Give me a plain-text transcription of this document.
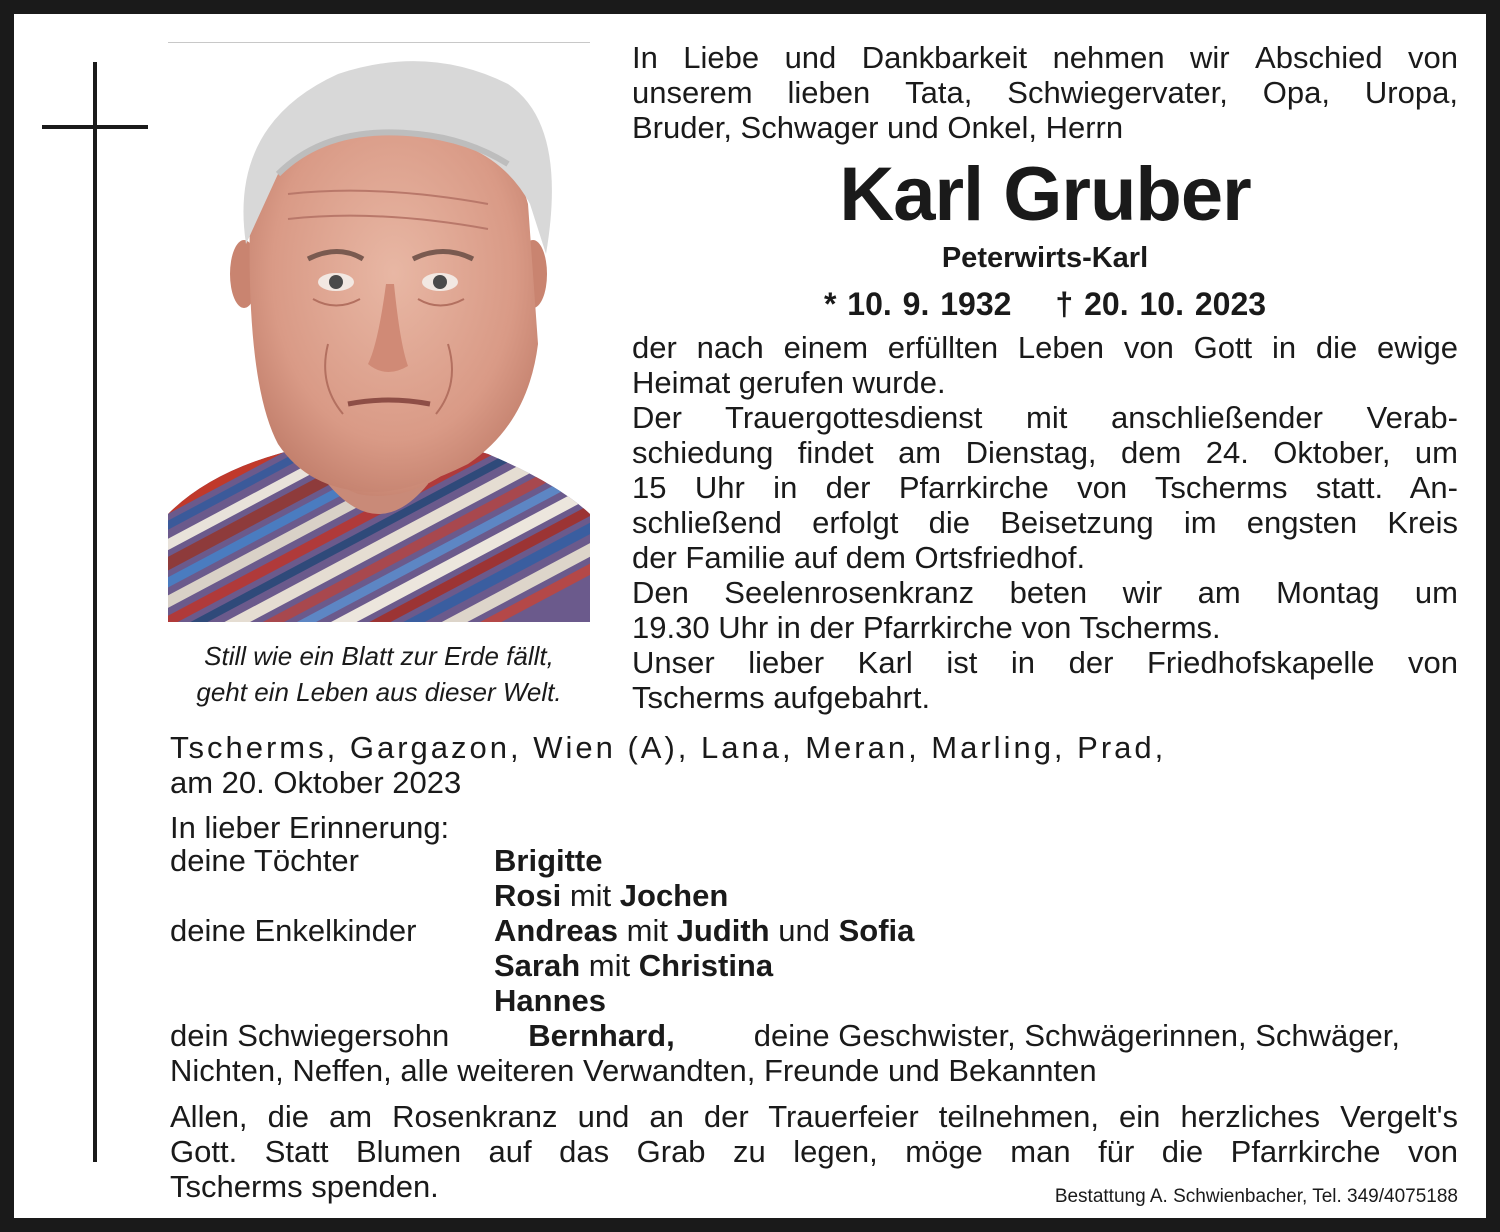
Still wie ein Blatt zur Erde fällt,
geht ein Leben aus dieser Welt.
In Liebe und Dankbarkeit nehmen wir Abschied von
unserem lieben Tata, Schwiegervater, Opa, Uropa,
Bruder, Schwager und Onkel, Herrn
Karl Gruber
Peterwirts-Karl
* 10. 9. 1932 † 20. 10. 2023
der nach einem erfüllten Leben von Gott in die ewige
Heimat gerufen wurde.
Der Trauergottesdienst mit anschließender Verab-
schiedung findet am Dienstag, dem 24. Oktober, um
15 Uhr in der Pfarrkirche von Tscherms statt. An-
schließend erfolgt die Beisetzung im engsten Kreis
der Familie auf dem Ortsfriedhof.
Den Seelenrosenkranz beten wir am Montag um
19.30 Uhr in der Pfarrkirche von Tscherms.
Unser lieber Karl ist in der Friedhofskapelle von
Tscherms aufgebahrt.
Tscherms, Gargazon, Wien (A), Lana, Meran, Marling, Prad,
am 20. Oktober 2023
In lieber Erinnerung:
deine Töchter	Brigitte
Rosi mit Jochen
deine Enkelkinder	Andreas mit Judith und Sofia
Sarah mit Christina
Hannes
dein Schwiegersohn	Bernhard,	deine Geschwister, Schwägerinnen, Schwäger,
Nichten, Neffen, alle weiteren Verwandten, Freunde und Bekannten
Allen, die am Rosenkranz und an der Trauerfeier teilnehmen, ein herzliches Vergelt's
Gott. Statt Blumen auf das Grab zu legen, möge man für die Pfarrkirche von
Tscherms spenden.	Bestattung A. Schwienbacher, Tel. 349/4075188
